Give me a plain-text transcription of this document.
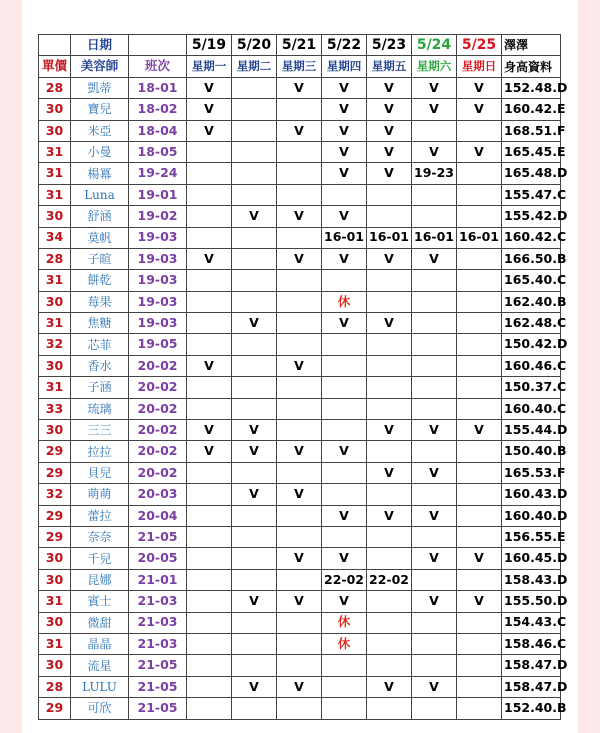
	日期		5/19	5/20	5/21	5/22	5/23	5/24	5/25	澤澤
單價	美容師	班次	星期一	星期二	星期三	星期四	星期五	星期六	星期日	身高資料
28	凱蒂	18-01	V		V	V	V	V	V	152.48.D
30	寶兒	18-02	V			V	V	V	V	160.42.E
30	米亞	18-04	V		V	V	V			168.51.F
31	小曼	18-05				V	V	V	V	165.45.E
31	楊冪	19-24				V	V	19-23		165.48.D
31	Luna	19-01								155.47.C
30	舒涵	19-02		V	V	V				155.42.D
34	莫帆	19-03				16-01	16-01	16-01	16-01	160.42.C
28	子暄	19-03	V		V	V	V	V		166.50.B
31	餅乾	19-03								165.40.C
30	莓果	19-03				休				162.40.B
31	焦糖	19-03		V		V	V			162.48.C
32	芯菲	19-05								150.42.D
30	香水	20-02	V		V					160.46.C
31	子涵	20-02								150.37.C
33	琉璃	20-02								160.40.C
30	三三	20-02	V	V			V	V	V	155.44.D
29	拉拉	20-02	V	V	V	V				150.40.B
29	貝兒	20-02					V	V		165.53.F
32	萌萌	20-03		V	V					160.43.D
29	蕾拉	20-04				V	V	V		160.40.D
29	奈奈	21-05								156.55.E
30	千兒	20-05			V	V		V	V	160.45.D
30	昆娜	21-01				22-02	22-02			158.43.D
31	賓士	21-03		V	V	V		V	V	155.50.D
30	微甜	21-03				休				154.43.C
31	晶晶	21-03				休				158.46.C
30	流星	21-05								158.47.D
28	LULU	21-05		V	V		V	V		158.47.D
29	可欣	21-05								152.40.B
